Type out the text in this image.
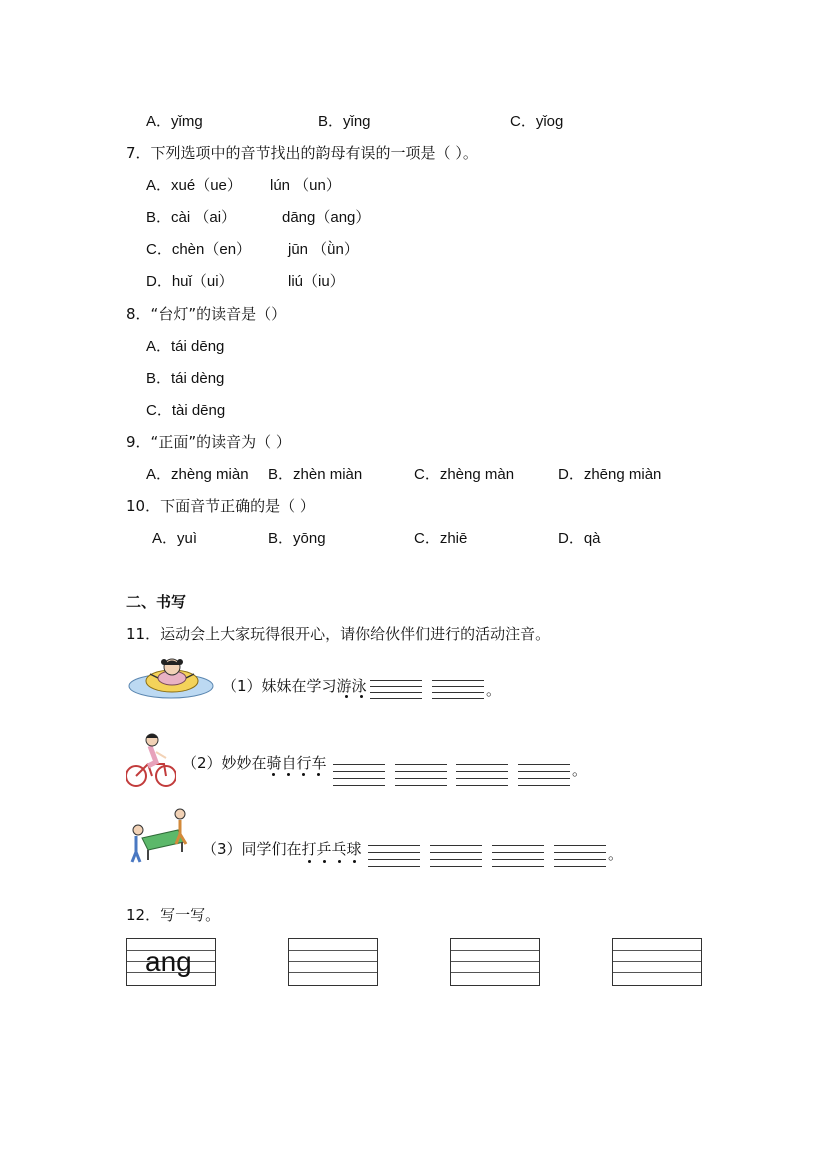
A．yǐmg	B．yǐng	C．yǐog
7．下列选项中的音节找出的韵母有误的一项是（ ）。
A．xué（ue） lún （un）
B．cài （ai）	dāng（ang）
C．chèn（en） jūn （ǜn）
D．huǐ（ui）	liú（iu）
8．“台灯”的读音是（）
A．tái dēng
B．tái dèng
C．tài dēng
9．“正面”的读音为（ ）
A．zhèng miàn B．zhèn miàn	C．zhèng màn	D．zhēng miàn
10．下面音节正确的是（ ）
A．yuì	B．yōng	C．zhiē	D．qà
二、书写
11．运动会上大家玩得很开心，请你给伙伴们进行的活动注音。
（1）妹妹在学习游泳	。
（2）妙妙在骑自行车	。
（3）同学们在打乒乓球	。
12．写一写。
ang
